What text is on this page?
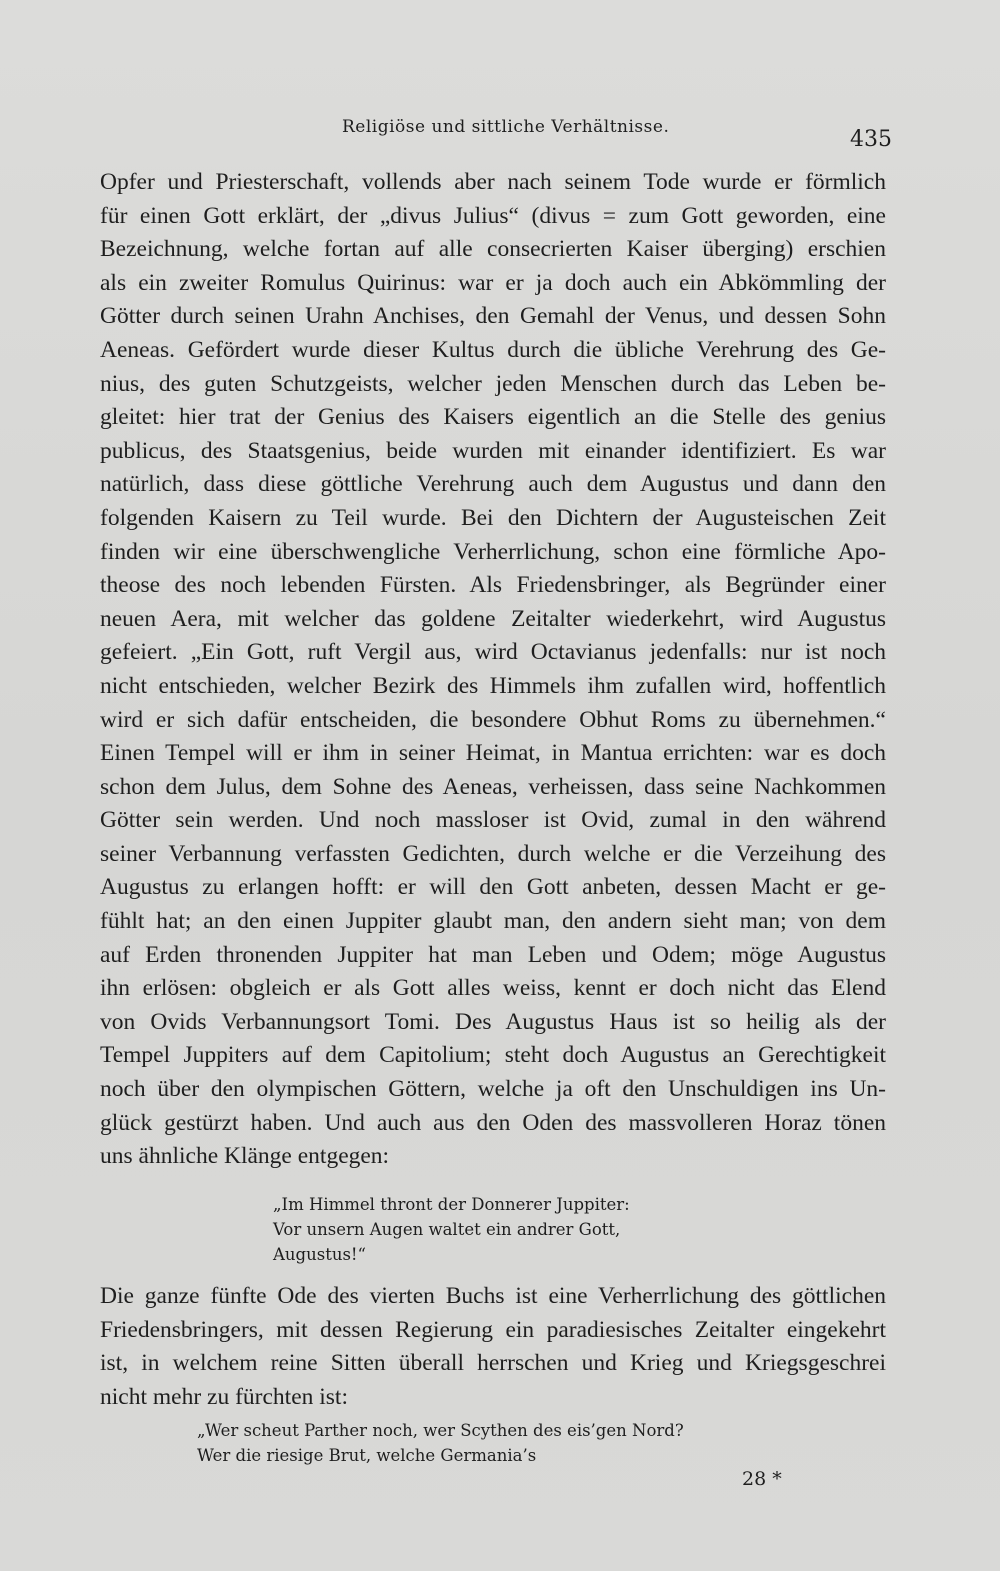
Religiöse und sittliche Verhältnisse.	435
Opfer und Priesterschaft, vollends aber nach seinem Tode wurde er förmlich
für einen Gott erklärt, der „divus Julius“ (divus = zum Gott geworden, eine
Bezeichnung, welche fortan auf alle consecrierten Kaiser überging) erschien
als ein zweiter Romulus Quirinus: war er ja doch auch ein Abkömmling der
Götter durch seinen Urahn Anchises, den Gemahl der Venus, und dessen Sohn
Aeneas. Gefördert wurde dieser Kultus durch die übliche Verehrung des Ge-
nius, des guten Schutzgeists, welcher jeden Menschen durch das Leben be-
gleitet: hier trat der Genius des Kaisers eigentlich an die Stelle des genius
publicus, des Staatsgenius, beide wurden mit einander identifiziert. Es war
natürlich, dass diese göttliche Verehrung auch dem Augustus und dann den
folgenden Kaisern zu Teil wurde. Bei den Dichtern der Augusteischen Zeit
finden wir eine überschwengliche Verherrlichung, schon eine förmliche Apo-
theose des noch lebenden Fürsten. Als Friedensbringer, als Begründer einer
neuen Aera, mit welcher das goldene Zeitalter wiederkehrt, wird Augustus
gefeiert. „Ein Gott, ruft Vergil aus, wird Octavianus jedenfalls: nur ist noch
nicht entschieden, welcher Bezirk des Himmels ihm zufallen wird, hoffentlich
wird er sich dafür entscheiden, die besondere Obhut Roms zu übernehmen.“
Einen Tempel will er ihm in seiner Heimat, in Mantua errichten: war es doch
schon dem Julus, dem Sohne des Aeneas, verheissen, dass seine Nachkommen
Götter sein werden. Und noch massloser ist Ovid, zumal in den während
seiner Verbannung verfassten Gedichten, durch welche er die Verzeihung des
Augustus zu erlangen hofft: er will den Gott anbeten, dessen Macht er ge-
fühlt hat; an den einen Juppiter glaubt man, den andern sieht man; von dem
auf Erden thronenden Juppiter hat man Leben und Odem; möge Augustus
ihn erlösen: obgleich er als Gott alles weiss, kennt er doch nicht das Elend
von Ovids Verbannungsort Tomi. Des Augustus Haus ist so heilig als der
Tempel Juppiters auf dem Capitolium; steht doch Augustus an Gerechtigkeit
noch über den olympischen Göttern, welche ja oft den Unschuldigen ins Un-
glück gestürzt haben. Und auch aus den Oden des massvolleren Horaz tönen
uns ähnliche Klänge entgegen:
„Im Himmel thront der Donnerer Juppiter:
Vor unsern Augen waltet ein andrer Gott,
Augustus!“
Die ganze fünfte Ode des vierten Buchs ist eine Verherrlichung des göttlichen
Friedensbringers, mit dessen Regierung ein paradiesisches Zeitalter eingekehrt
ist, in welchem reine Sitten überall herrschen und Krieg und Kriegsgeschrei
nicht mehr zu fürchten ist:
„Wer scheut Parther noch, wer Scythen des eis’gen Nord?
Wer die riesige Brut, welche Germania’s
28 *
